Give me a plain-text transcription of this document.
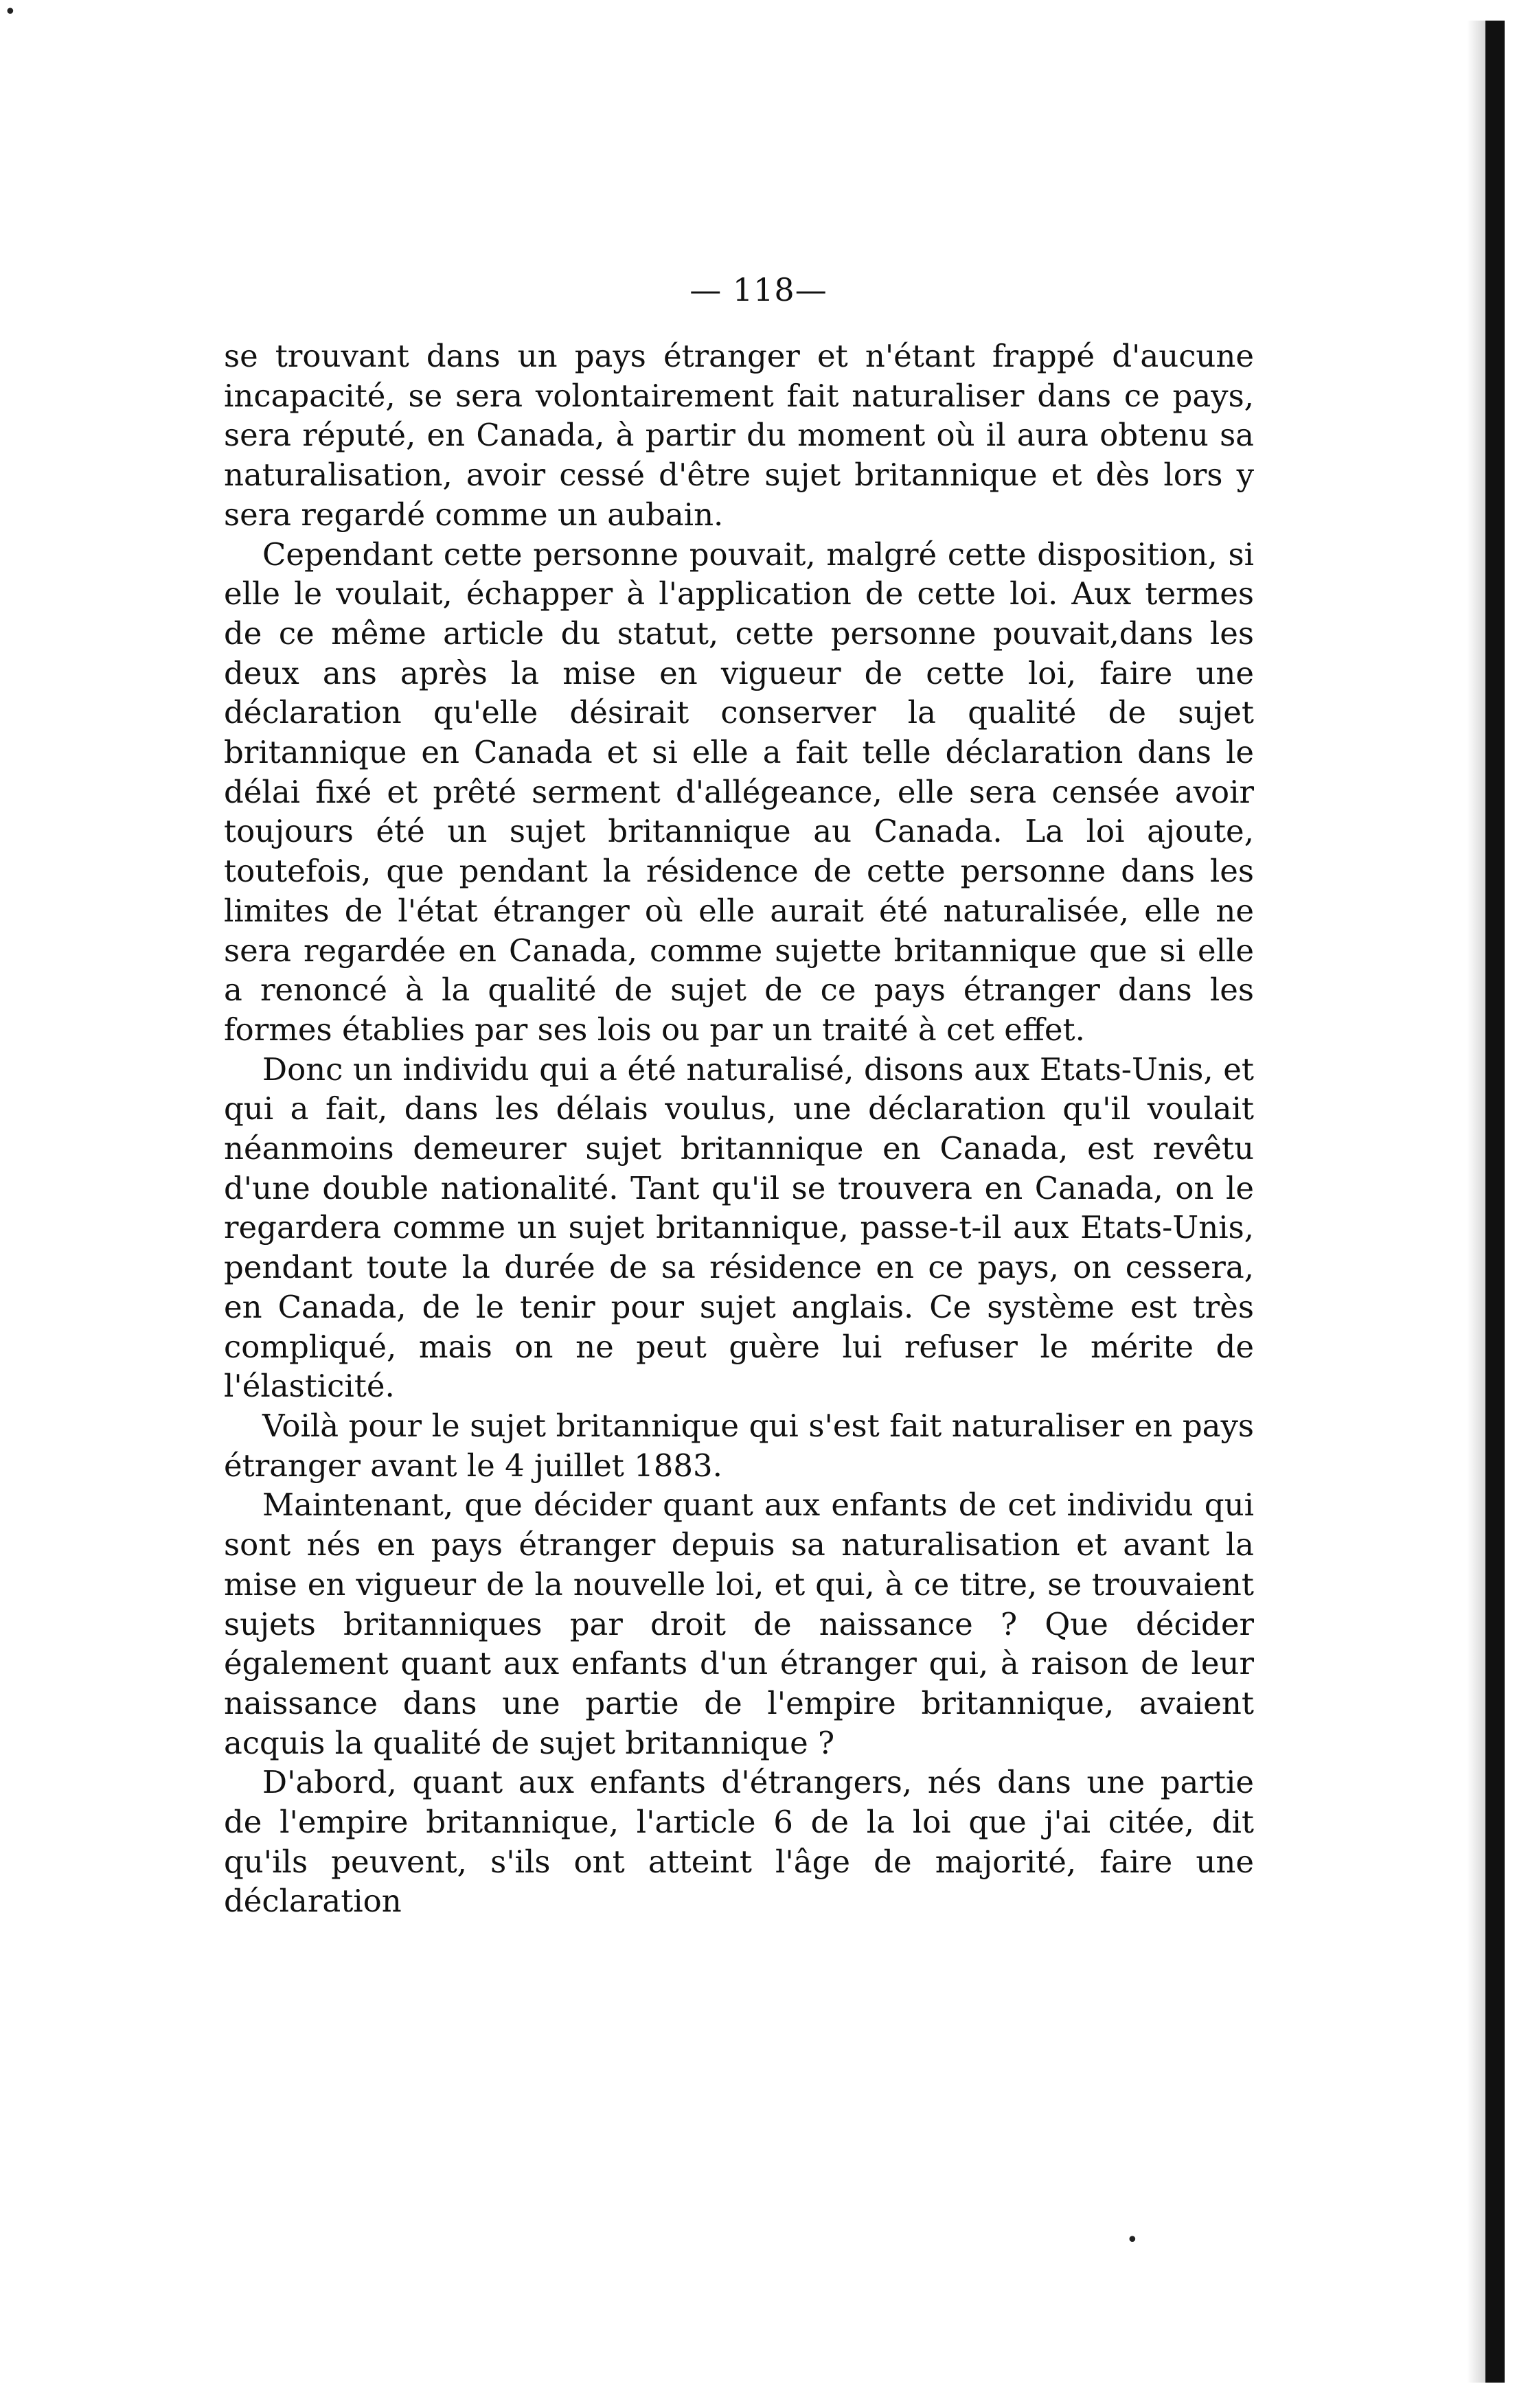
•
— 118—

se trouvant dans un pays étranger et n'étant frappé d'aucune incapacité, se sera volontairement fait naturaliser dans ce pays, sera réputé, en Canada, à partir du moment où il aura obtenu sa naturalisation, avoir cessé d'être sujet britannique et dès lors y sera regardé comme un aubain.

Cependant cette personne pouvait, malgré cette disposition, si elle le voulait, échapper à l'application de cette loi. Aux termes de ce même article du statut, cette personne pouvait,dans les deux ans après la mise en vigueur de cette loi, faire une déclaration qu'elle désirait conserver la qualité de sujet britannique en Canada et si elle a fait telle déclaration dans le délai fixé et prêté serment d'allégeance, elle sera censée avoir toujours été un sujet britannique au Canada. La loi ajoute, toutefois, que pendant la résidence de cette personne dans les limites de l'état étranger où elle aurait été naturalisée, elle ne sera regardée en Canada, comme sujette britannique que si elle a renoncé à la qualité de sujet de ce pays étranger dans les formes établies par ses lois ou par un traité à cet effet.

Donc un individu qui a été naturalisé, disons aux Etats-Unis, et qui a fait, dans les délais voulus, une déclaration qu'il voulait néanmoins demeurer sujet britannique en Canada, est revêtu d'une double nationalité. Tant qu'il se trouvera en Canada, on le regardera comme un sujet britannique, passe-t-il aux Etats-Unis, pendant toute la durée de sa résidence en ce pays, on cessera, en Canada, de le tenir pour sujet anglais. Ce système est très compliqué, mais on ne peut guère lui refuser le mérite de l'élasticité.

Voilà pour le sujet britannique qui s'est fait naturaliser en pays étranger avant le 4 juillet 1883.

Maintenant, que décider quant aux enfants de cet individu qui sont nés en pays étranger depuis sa naturalisation et avant la mise en vigueur de la nouvelle loi, et qui, à ce titre, se trouvaient sujets britanniques par droit de naissance ? Que décider également quant aux enfants d'un étranger qui, à raison de leur naissance dans une partie de l'empire britannique, avaient acquis la qualité de sujet britannique ?

D'abord, quant aux enfants d'étrangers, nés dans une partie de l'empire britannique, l'article 6 de la loi que j'ai citée, dit qu'ils peuvent, s'ils ont atteint l'âge de majorité, faire une déclaration

•
